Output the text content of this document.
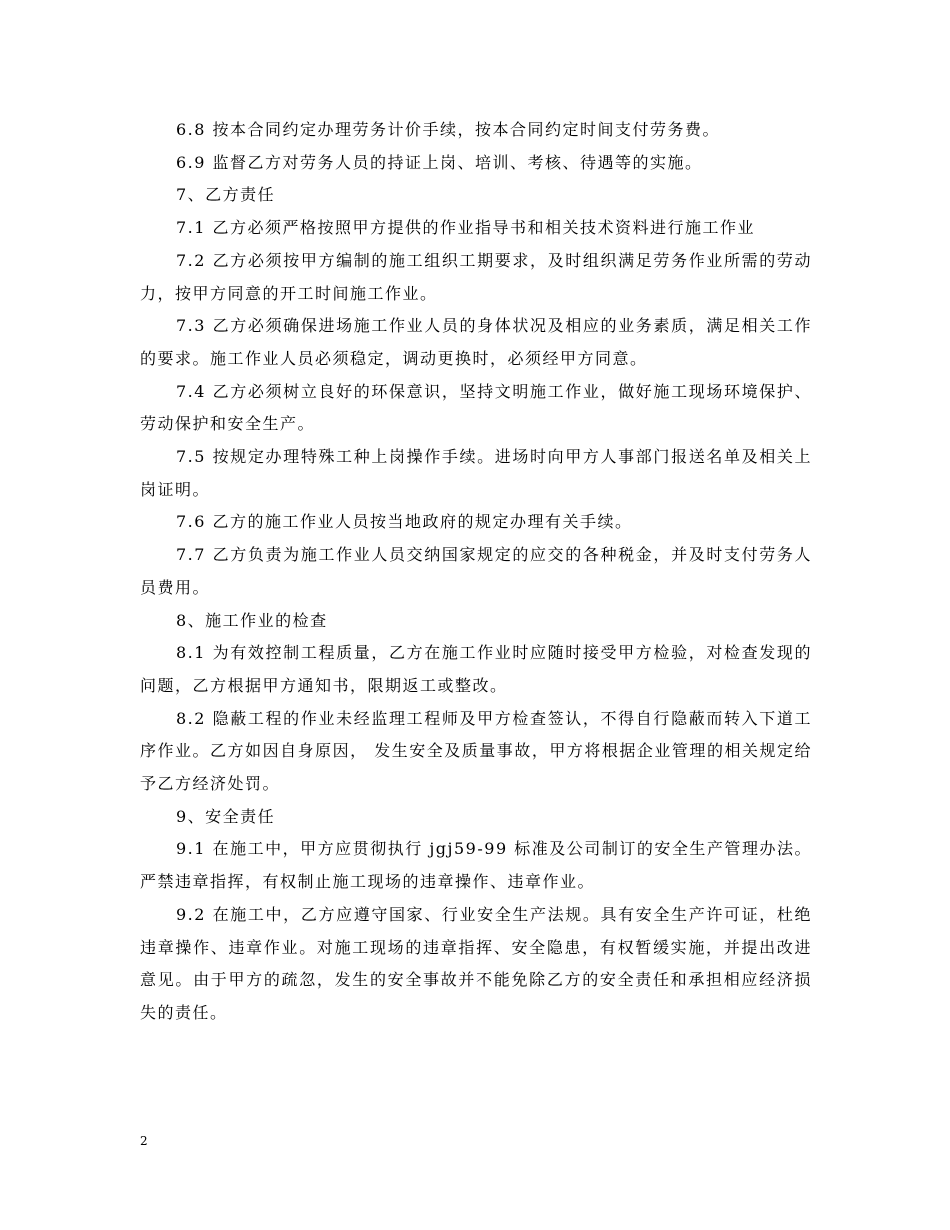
6.8 按本合同约定办理劳务计价手续，按本合同约定时间支付劳务费。

6.9 监督乙方对劳务人员的持证上岗、培训、考核、待遇等的实施。

7、乙方责任

7.1 乙方必须严格按照甲方提供的作业指导书和相关技术资料进行施工作业

7.2 乙方必须按甲方编制的施工组织工期要求，及时组织满足劳务作业所需的劳动力，按甲方同意的开工时间施工作业。

7.3 乙方必须确保进场施工作业人员的身体状况及相应的业务素质，满足相关工作的要求。施工作业人员必须稳定，调动更换时，必须经甲方同意。

7.4 乙方必须树立良好的环保意识，坚持文明施工作业，做好施工现场环境保护、劳动保护和安全生产。

7.5 按规定办理特殊工种上岗操作手续。进场时向甲方人事部门报送名单及相关上岗证明。

7.6 乙方的施工作业人员按当地政府的规定办理有关手续。

7.7 乙方负责为施工作业人员交纳国家规定的应交的各种税金，并及时支付劳务人员费用。

8、施工作业的检查

8.1 为有效控制工程质量，乙方在施工作业时应随时接受甲方检验，对检查发现的问题，乙方根据甲方通知书，限期返工或整改。

8.2 隐蔽工程的作业未经监理工程师及甲方检查签认，不得自行隐蔽而转入下道工序作业。乙方如因自身原因， 发生安全及质量事故，甲方将根据企业管理的相关规定给予乙方经济处罚。

9、安全责任

9.1 在施工中，甲方应贯彻执行 jgj59-99 标准及公司制订的安全生产管理办法。严禁违章指挥，有权制止施工现场的违章操作、违章作业。

9.2 在施工中，乙方应遵守国家、行业安全生产法规。具有安全生产许可证，杜绝违章操作、违章作业。对施工现场的违章指挥、安全隐患，有权暂缓实施，并提出改进意见。由于甲方的疏忽，发生的安全事故并不能免除乙方的安全责任和承担相应经济损失的责任。

2
